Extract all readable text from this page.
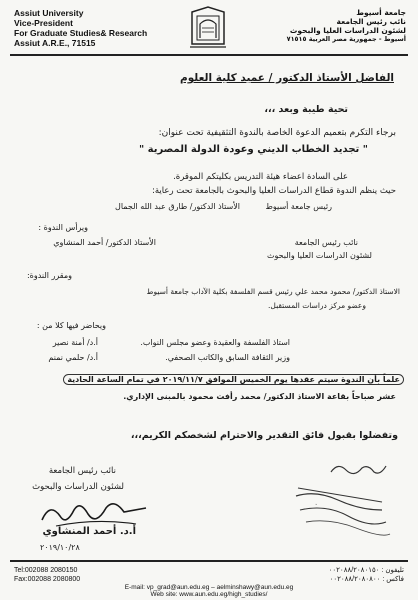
Assiut University
Vice-President
For Graduate Studies& Research
Assiut A.R.E., 71515
جامعة أسيوط
نائب رئيس الجامعة
لشئون الدراسات العليا والبحوث
أسيوط - جمهورية مصر العربية ٧١٥١٥
الفاضل الأستاذ الدكتور / عميد كلية العلوم
تحية طيبة وبعد ،،،
برجاء التكرم بتعميم الدعوة الخاصة بالندوة التثقيفية تحت عنوان:
" تجديد الخطاب الديني وعودة الدولة المصرية "
على السادة اعضاء هيئة التدريس بكليتكم الموقرة.
حيث ينظم الندوة قطاع الدراسات العليا والبحوث بالجامعة تحت رعاية:
الأستاذ الدكتور/ طارق عبد الله الجمال	رئيس جامعة أسيوط
ويرأس الندوة :
الأستاذ الدكتور/ أحمد المنشاوي	نائب رئيس الجامعة
لشئون الدراسات العليا والبحوث
ومقرر الندوة:
الاستاذ الدكتور/ محمود محمد علي رئيس قسم الفلسفة بكلية الآداب جامعة أسيوط
وعضو مركز دراسات المستقبل.
ويحاضر فيها كلا من :
أ.د/ أمنة نصير	استاذ الفلسفة والعقيدة وعضو مجلس النواب.
أ.د/ حلمي نمنم	وزير الثقافة السابق والكاتب الصحفي.
علماً بأن الندوة سيتم عقدها يوم الخميس الموافق ٢٠١٩/١١/٧ في تمام الساعة الحادية
عشر صباحاً بقاعة الاستاذ الدكتور/ محمد رأفت محمود بالمبنى الإداري.
وتفضلوا بقبول فائق التقدير والاحترام لشخصكم الكريم،،،
٠
نائب رئيس الجامعة
لشئون الدراسات والبحوث
أ.د. أحمد المنشاوي
٢٠١٩/١٠/٢٨
Tel:002088 2080150
Fax:002088 2080800
تليفون : ٠٠٢٠٨٨/٢٠٨٠١٥٠
فاكس : ٠٠٢٠٨٨/٢٠٨٠٨٠٠
E-mail: vp_grad@aun.edu.eg – aelminshawy@aun.edu.eg
Web site: www.aun.edu.eg/high_studies/
